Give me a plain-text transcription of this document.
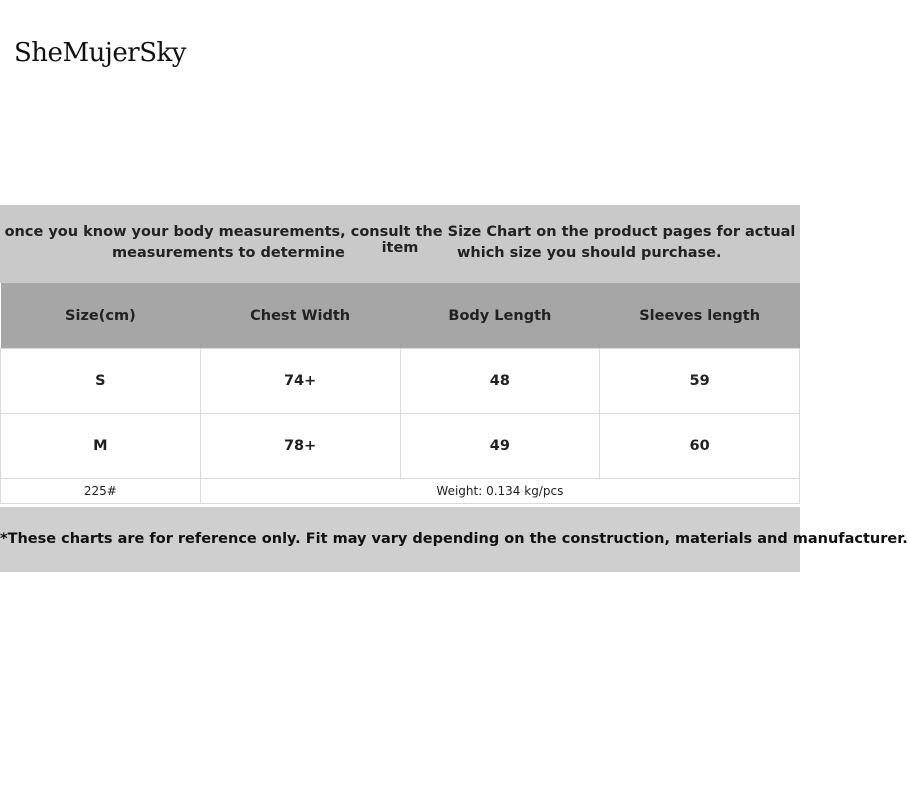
SheMujerSky
once you know your body measurements, consult the Size Chart on the product pages for actual item
measurements to determine	which size you should purchase.
Size(cm)	Chest Width	Body Length	Sleeves length
S	74+	48	59
M	78+	49	60
225#	Weight: 0.134 kg/pcs		
*These charts are for reference only. Fit may vary depending on the construction, materials and manufacturer.
